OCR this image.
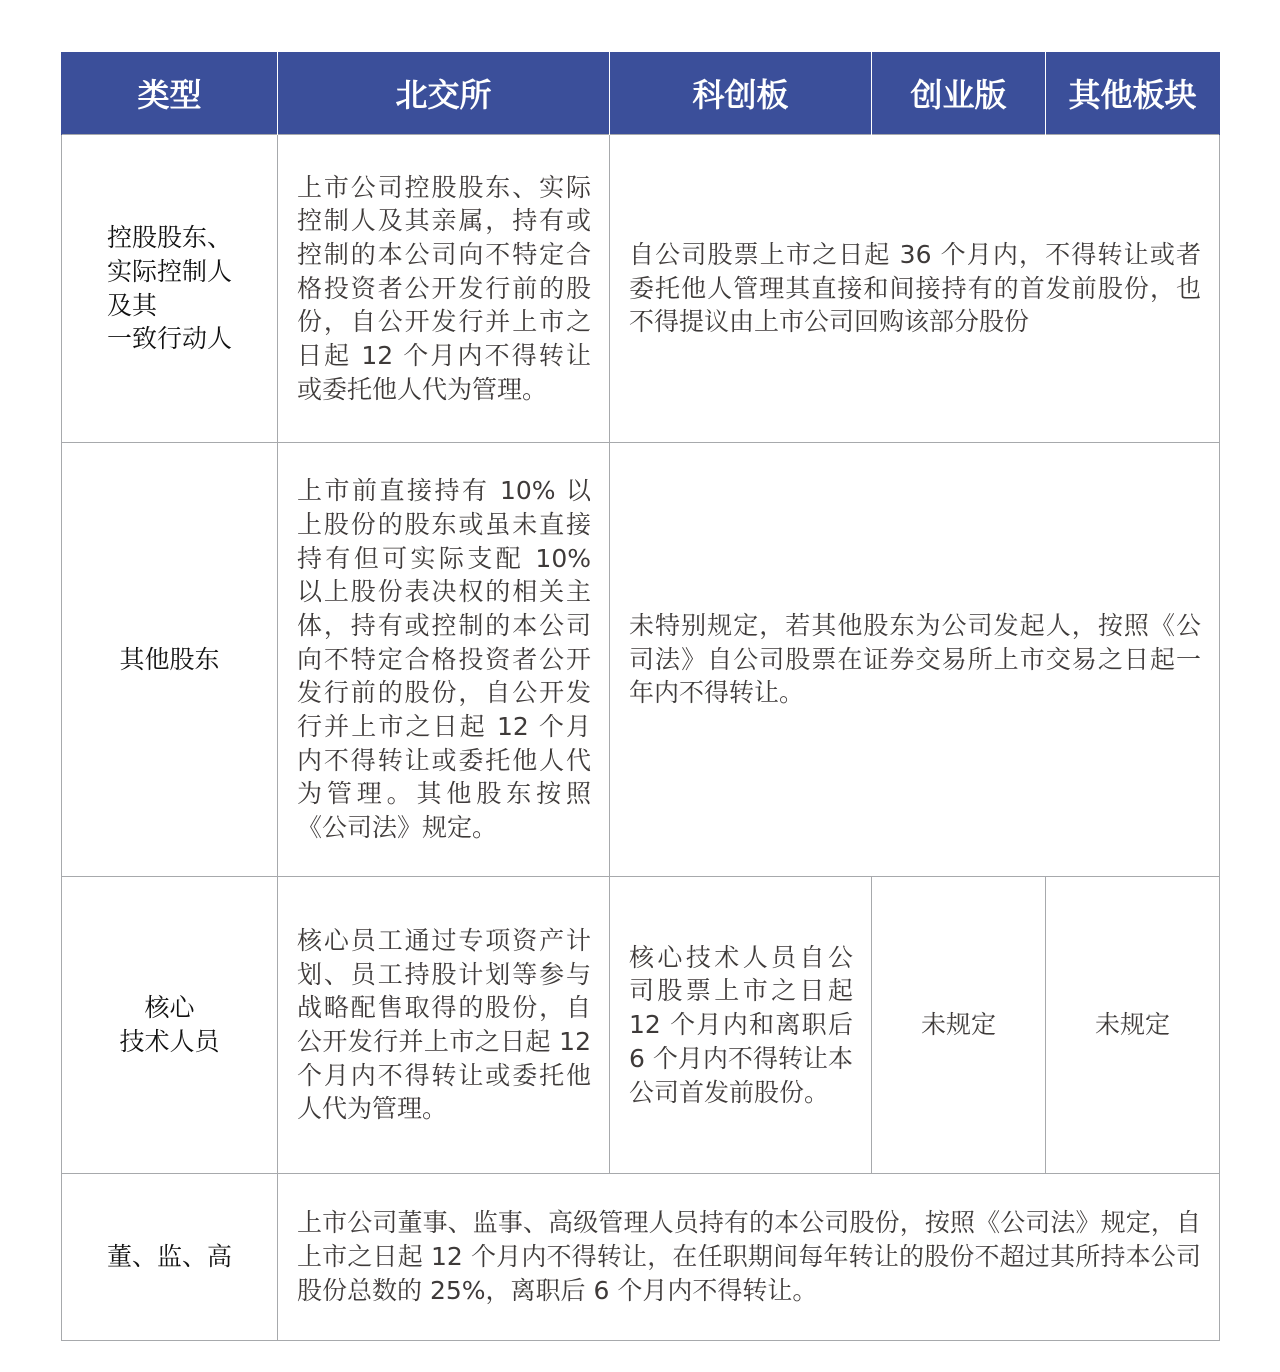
类型	北交所	科创板	创业版	其他板块
控股股东、
实际控制人
及其
一致行动人	上市公司控股股东、实际控制人及其亲属，持有或控制的本公司向不特定合格投资者公开发行前的股份，自公开发行并上市之日起 12 个月内不得转让或委托他人代为管理。	自公司股票上市之日起 36 个月内，不得转让或者委托他人管理其直接和间接持有的首发前股份，也不得提议由上市公司回购该部分股份		

其他股东	上市前直接持有 10% 以上股份的股东或虽未直接持有但可实际支配 10% 以上股份表决权的相关主体，持有或控制的本公司向不特定合格投资者公开发行前的股份，自公开发行并上市之日起 12 个月内不得转让或委托他人代为管理。其他股东按照《公司法》规定。	未特别规定，若其他股东为公司发起人，按照《公司法》自公司股票在证券交易所上市交易之日起一年内不得转让。		

核心
技术人员	核心员工通过专项资产计划、员工持股计划等参与战略配售取得的股份，自公开发行并上市之日起 12 个月内不得转让或委托他人代为管理。	核心技术人员自公司股票上市之日起 12 个月内和离职后 6 个月内不得转让本公司首发前股份。	未规定	未规定
董、监、高	上市公司董事、监事、高级管理人员持有的本公司股份，按照《公司法》规定，自上市之日起 12 个月内不得转让，在任职期间每年转让的股份不超过其所持本公司股份总数的 25%，离职后 6 个月内不得转让。			
